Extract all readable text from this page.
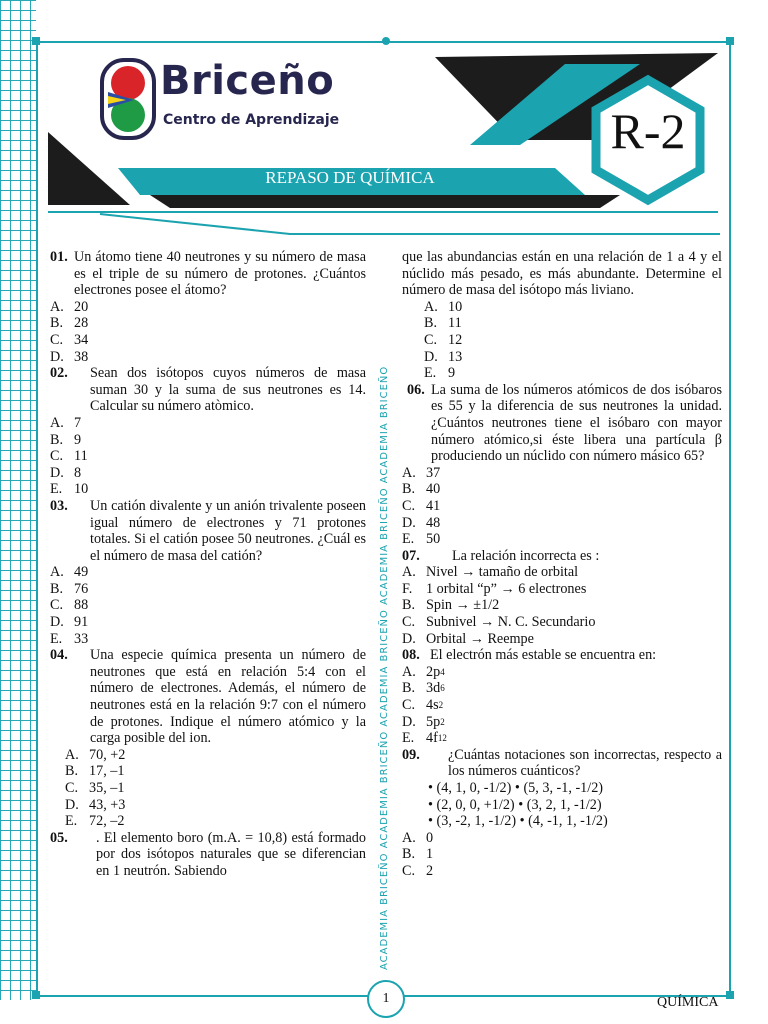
Briceño
Centro de Aprendizaje
REPASO DE QUÍMICA
R-2
ACADEMIA BRICEÑO ACADEMIA BRICEÑO ACADEMIA BRICEÑO ACADEMIA BRICEÑO ACADEMIA BRICEÑO
01. Un átomo tiene 40 neutrones y su número de masa es el triple de su número de protones. ¿Cuántos electrones posee el átomo?
A. 20
B. 28
C. 34
D. 38
02.	Sean dos isótopos cuyos números de masa suman 30 y la suma de sus neutrones es 14. Calcular su número atòmico.
A. 7
B. 9
C. 11
D. 8
E. 10
03.	Un catión divalente y un anión trivalente poseen igual número de electrones y 71 protones totales. Si el catión posee 50 neutrones. ¿Cuál es el número de masa del catión?
A. 49
B. 76
C. 88
D. 91
E. 33
04.	Una especie química presenta un número de neutrones que está en relación 5:4 con el número de electrones. Además, el número de neutrones está en la relación 9:7 con el número de protones. Indique el número atómico y la carga posible del ion.
A. 70, +2
B. 17, –1
C. 35, –1
D. 43, +3
E. 72, –2
05.	. El elemento boro (m.A. = 10,8) está formado por dos isótopos naturales que se diferencian en 1 neutrón. Sabiendo

que las abundancias están en una relación de 1 a 4 y el núclido más pesado, es más abundante. Determine el número de masa del isótopo más liviano.

A. 10
B. 11
C. 12
D. 13
E. 9
06. La suma de los números atómicos de dos isóbaros es 55 y la diferencia de sus neutrones la unidad. ¿Cuántos neutrones tiene el isóbaro con mayor número atómico,si éste libera una partícula β produciendo un núclido con número másico 65?
A. 37
B. 40
C. 41
D. 48
E. 50
07.	La relación incorrecta es :
A. Nivel → tamaño de orbital
F. 1 orbital “p” → 6 electrones
B. Spin → ±1/2
C. Subnivel → N. C. Secundario
D. Orbital → Reempe
08. El electrón más estable se encuentra en:
A. 2p 4
B. 3d 6
C. 4s 2
D. 5p 2
E. 4f 12
09.	¿Cuántas notaciones son incorrectas, respecto a los números cuánticos?
• (4, 1, 0, -1/2) • (5, 3, -1, -1/2)
• (2, 0, 0, +1/2) • (3, 2, 1, -1/2)
• (3, -2, 1, -1/2) • (4, -1, 1, -1/2)
A. 0
B. 1
C. 2
1	QUÍMICA
